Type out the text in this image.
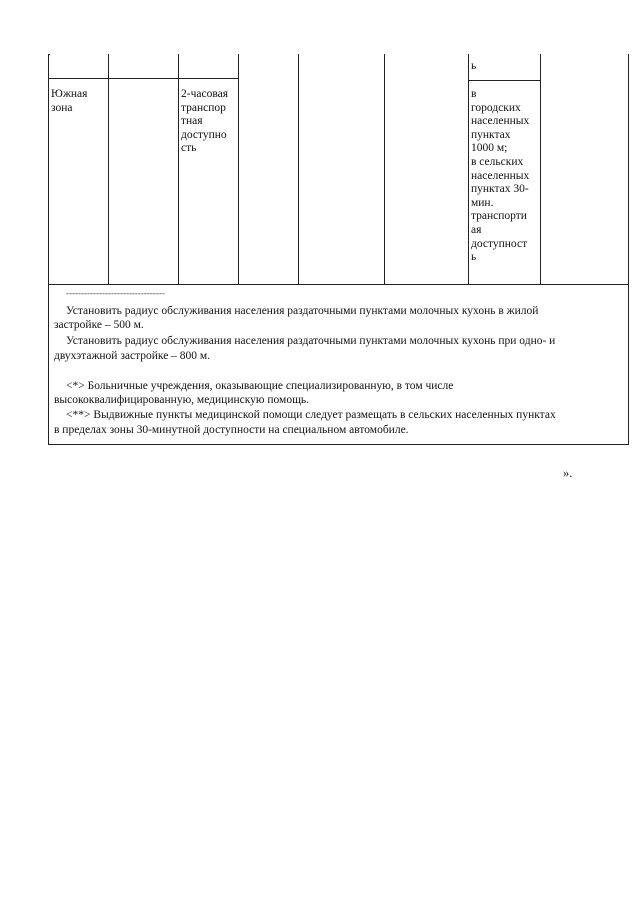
ь
Южная
зона
2-часовая
транспор
тная
доступно
сть
в
городских
населенных
пунктах
1000 м;
в сельских
населенных
пунктах 30-
мин.
транспорти
ая
доступност
ь
---------------------------------
Установить радиус обслуживания населения раздаточными пунктами молочных кухонь в жилой
застройке – 500 м.
Установить радиус обслуживания населения раздаточными пунктами молочных кухонь при одно- и
двухэтажной застройке – 800 м.
<*> Больничные учреждения, оказывающие специализированную, в том числе
высококвалифицированную, медицинскую помощь.
<**> Выдвижные пункты медицинской помощи следует размещать в сельских населенных пунктах
в пределах зоны 30-минутной доступности на специальном автомобиле.
».
